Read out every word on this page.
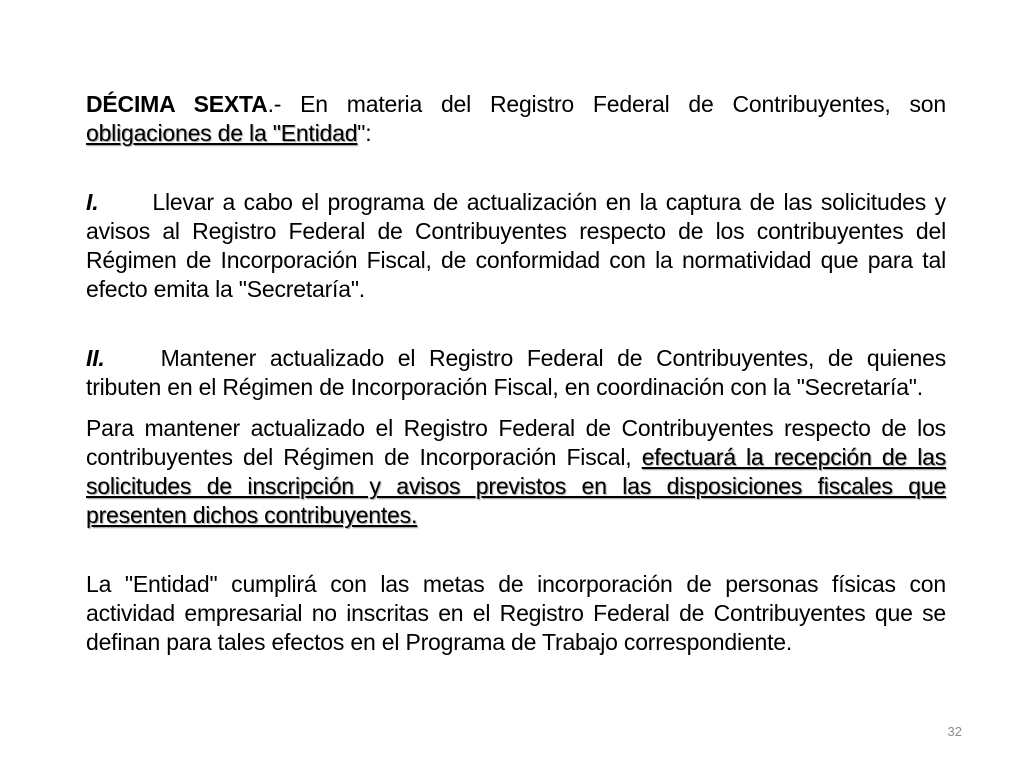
DÉCIMA SEXTA.- En materia del Registro Federal de Contribuyentes, son obligaciones de la "Entidad":

I. Llevar a cabo el programa de actualización en la captura de las solicitudes y avisos al Registro Federal de Contribuyentes respecto de los contribuyentes del Régimen de Incorporación Fiscal, de conformidad con la normatividad que para tal efecto emita la "Secretaría".

II. Mantener actualizado el Registro Federal de Contribuyentes, de quienes tributen en el Régimen de Incorporación Fiscal, en coordinación con la "Secretaría".

Para mantener actualizado el Registro Federal de Contribuyentes respecto de los contribuyentes del Régimen de Incorporación Fiscal, efectuará la recepción de las solicitudes de inscripción y avisos previstos en las disposiciones fiscales que presenten dichos contribuyentes.

La "Entidad" cumplirá con las metas de incorporación de personas físicas con actividad empresarial no inscritas en el Registro Federal de Contribuyentes que se definan para tales efectos en el Programa de Trabajo correspondiente.

32
